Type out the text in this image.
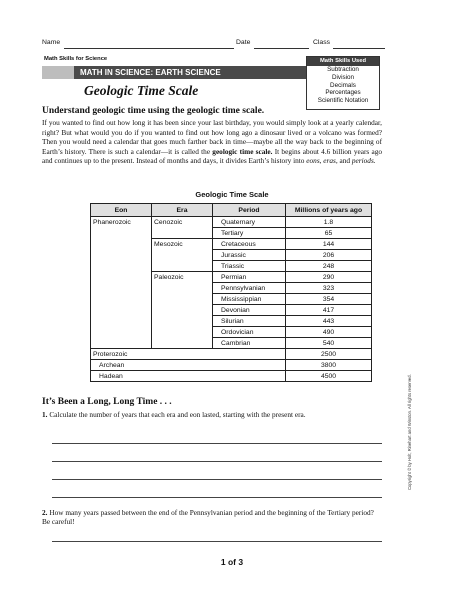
Name	Date	Class
Math Skills for Science
MATH IN SCIENCE: EARTH SCIENCE
Math Skills Used
Subtraction
Division
Decimals
Percentages
Scientific Notation
Geologic Time Scale
Understand geologic time using the geologic time scale.
If you wanted to find out how long it has been since your last birthday, you would simply look at a yearly calendar, right? But what would you do if you wanted to find out how long ago a dinosaur lived or a volcano was formed? Then you would need a calendar that goes much farther back in time—maybe all the way back to the beginning of Earth’s history. There is such a calendar—it is called the geologic time scale. It begins about 4.6 billion years ago and continues up to the present. Instead of months and days, it divides Earth’s history into eons, eras, and periods.
Geologic Time Scale
Eon	Era	Period	Millions of years ago
Phanerozoic	Cenozoic	Quaternary	1.8
		Tertiary	65
	Mesozoic	Cretaceous	144
		Jurassic	206
		Triassic	248
	Paleozoic	Permian	290
		Pennsylvanian	323
		Mississippian	354
		Devonian	417
		Silurian	443
		Ordovician	490
		Cambrian	540
Proterozoic			2500
Archean			3800
Hadean			4500
It’s Been a Long, Long Time . . .
1. Calculate the number of years that each era and eon lasted, starting with the present era.
2. How many years passed between the end of the Pennsylvanian period and the beginning of the Tertiary period? Be careful!
1 of 3
Copyright © by Holt, Rinehart and Winston. All rights reserved.
